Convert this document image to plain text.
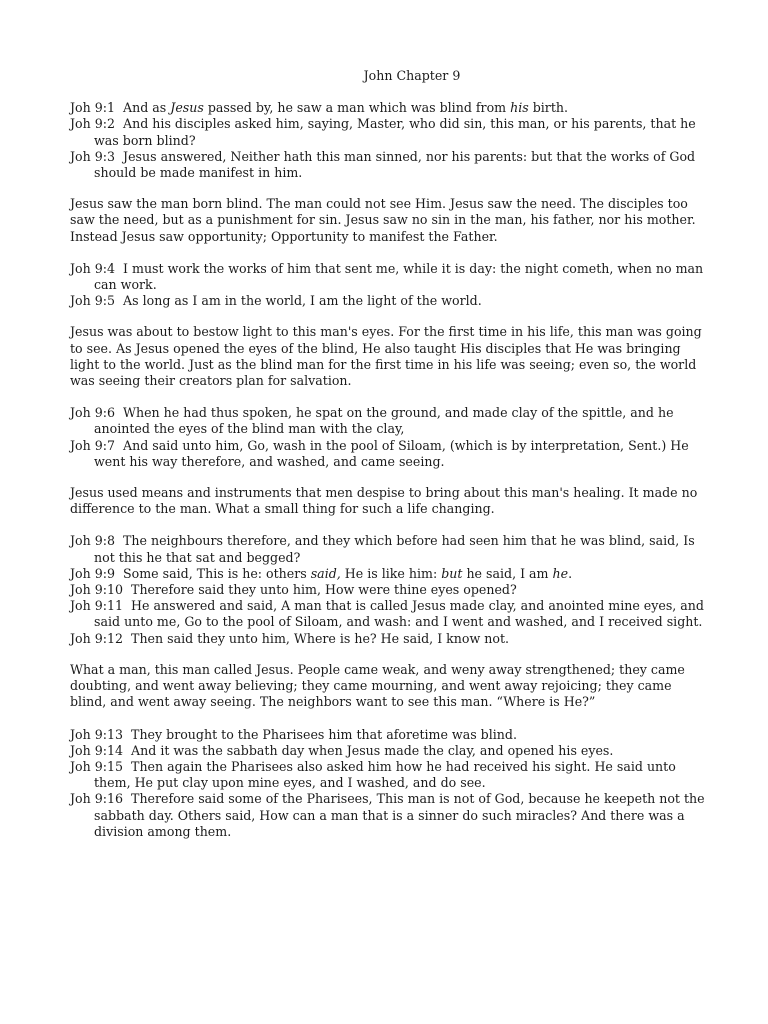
John Chapter 9

Joh 9:1 And as Jesus passed by, he saw a man which was blind from his birth.

Joh 9:2 And his disciples asked him, saying, Master, who did sin, this man, or his parents, that he was born blind?

Joh 9:3 Jesus answered, Neither hath this man sinned, nor his parents: but that the works of God should be made manifest in him.

Jesus saw the man born blind. The man could not see Him. Jesus saw the need. The disciples too saw the need, but as a punishment for sin. Jesus saw no sin in the man, his father, nor his mother. Instead Jesus saw opportunity; Opportunity to manifest the Father.

Joh 9:4 I must work the works of him that sent me, while it is day: the night cometh, when no man can work.

Joh 9:5 As long as I am in the world, I am the light of the world.

Jesus was about to bestow light to this man's eyes. For the first time in his life, this man was going to see. As Jesus opened the eyes of the blind, He also taught His disciples that He was bringing light to the world. Just as the blind man for the first time in his life was seeing; even so, the world was seeing their creators plan for salvation.

Joh 9:6 When he had thus spoken, he spat on the ground, and made clay of the spittle, and he anointed the eyes of the blind man with the clay,

Joh 9:7 And said unto him, Go, wash in the pool of Siloam, (which is by interpretation, Sent.) He went his way therefore, and washed, and came seeing.

Jesus used means and instruments that men despise to bring about this man's healing. It made no difference to the man. What a small thing for such a life changing.

Joh 9:8 The neighbours therefore, and they which before had seen him that he was blind, said, Is not this he that sat and begged?

Joh 9:9 Some said, This is he: others said, He is like him: but he said, I am he.

Joh 9:10 Therefore said they unto him, How were thine eyes opened?

Joh 9:11 He answered and said, A man that is called Jesus made clay, and anointed mine eyes, and said unto me, Go to the pool of Siloam, and wash: and I went and washed, and I received sight.

Joh 9:12 Then said they unto him, Where is he? He said, I know not.

What a man, this man called Jesus. People came weak, and weny away strengthened; they came doubting, and went away believing; they came mourning, and went away rejoicing; they came blind, and went away seeing. The neighbors want to see this man. “Where is He?”

Joh 9:13 They brought to the Pharisees him that aforetime was blind.

Joh 9:14 And it was the sabbath day when Jesus made the clay, and opened his eyes.

Joh 9:15 Then again the Pharisees also asked him how he had received his sight. He said unto them, He put clay upon mine eyes, and I washed, and do see.

Joh 9:16 Therefore said some of the Pharisees, This man is not of God, because he keepeth not the sabbath day. Others said, How can a man that is a sinner do such miracles? And there was a division among them.
